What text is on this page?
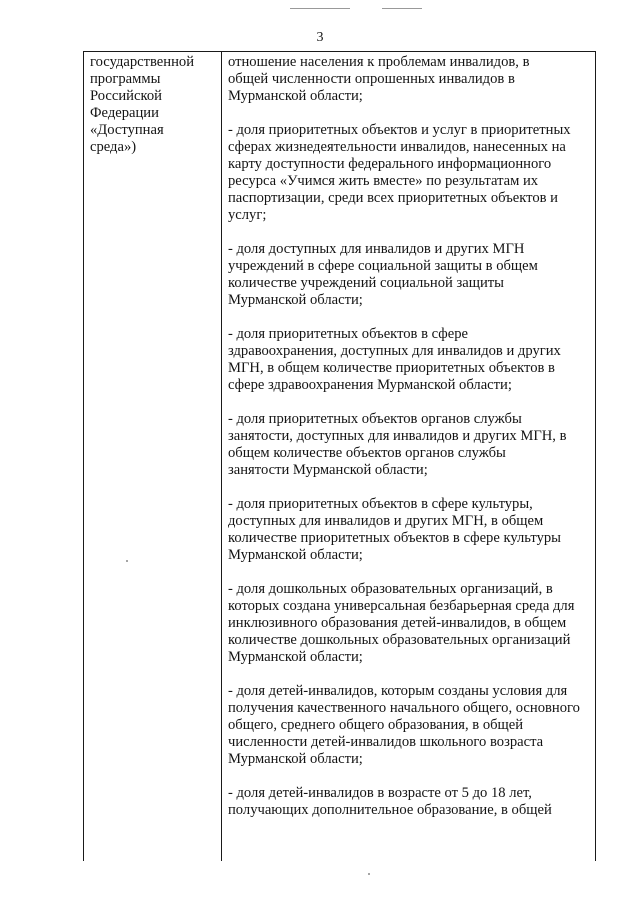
3
государственной
программы
Российской
Федерации
«Доступная
среда»)

отношение населения к проблемам инвалидов, в
общей численности опрошенных инвалидов в
Мурманской области;

- доля приоритетных объектов и услуг в приоритетных
сферах жизнедеятельности инвалидов, нанесенных на
карту доступности федерального информационного
ресурса «Учимся жить вместе» по результатам их
паспортизации, среди всех приоритетных объектов и
услуг;

- доля доступных для инвалидов и других МГН
учреждений в сфере социальной защиты в общем
количестве учреждений социальной защиты
Мурманской области;

- доля приоритетных объектов в сфере
здравоохранения, доступных для инвалидов и других
МГН, в общем количестве приоритетных объектов в
сфере здравоохранения Мурманской области;

- доля приоритетных объектов органов службы
занятости, доступных для инвалидов и других МГН, в
общем количестве объектов органов службы
занятости Мурманской области;

- доля приоритетных объектов в сфере культуры,
доступных для инвалидов и других МГН, в общем
количестве приоритетных объектов в сфере культуры
Мурманской области;

- доля дошкольных образовательных организаций, в
которых создана универсальная безбарьерная среда для
инклюзивного образования детей-инвалидов, в общем
количестве дошкольных образовательных организаций
Мурманской области;

- доля детей-инвалидов, которым созданы условия для
получения качественного начального общего, основного
общего, среднего общего образования, в общей
численности детей-инвалидов школьного возраста
Мурманской области;

- доля детей-инвалидов в возрасте от 5 до 18 лет,
получающих дополнительное образование, в общей
